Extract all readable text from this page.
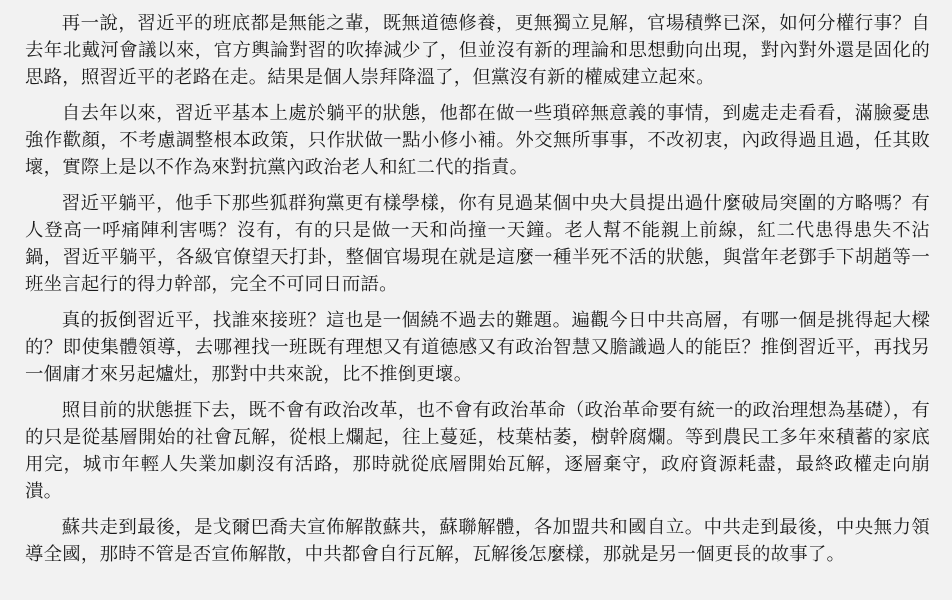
再一說，習近平的班底都是無能之輩，既無道德修養，更無獨立見解，官場積弊已深，如何分權行事？自去年北戴河會議以來，官方輿論對習的吹捧減少了，但並沒有新的理論和思想動向出現，對內對外還是固化的思路，照習近平的老路在走。結果是個人崇拜降溫了，但黨沒有新的權威建立起來。

自去年以來，習近平基本上處於躺平的狀態，他都在做一些瑣碎無意義的事情，到處走走看看，滿臉憂患強作歡顏，不考慮調整根本政策，只作狀做一點小修小補。外交無所事事，不改初衷，內政得過且過，任其敗壞，實際上是以不作為來對抗黨內政治老人和紅二代的指責。

習近平躺平，他手下那些狐群狗黨更有樣學樣，你有見過某個中央大員提出過什麼破局突圍的方略嗎？有人登高一呼痛陣利害嗎？沒有，有的只是做一天和尚撞一天鐘。老人幫不能親上前線，紅二代患得患失不沾鍋，習近平躺平，各級官僚望天打卦，整個官場現在就是這麼一種半死不活的狀態，與當年老鄧手下胡趙等一班坐言起行的得力幹部，完全不可同日而語。

真的扳倒習近平，找誰來接班？這也是一個繞不過去的難題。遍觀今日中共高層，有哪一個是挑得起大樑的？即使集體領導，去哪裡找一班既有理想又有道德感又有政治智慧又膽識過人的能臣？推倒習近平，再找另一個庸才來另起爐灶，那對中共來說，比不推倒更壞。

照目前的狀態捱下去，既不會有政治改革，也不會有政治革命（政治革命要有統一的政治理想為基礎），有的只是從基層開始的社會瓦解，從根上爛起，往上蔓延，枝葉枯萎，樹幹腐爛。等到農民工多年來積蓄的家底用完，城市年輕人失業加劇沒有活路，那時就從底層開始瓦解，逐層棄守，政府資源耗盡，最終政權走向崩潰。

蘇共走到最後，是戈爾巴喬夫宣佈解散蘇共，蘇聯解體，各加盟共和國自立。中共走到最後，中央無力領導全國，那時不管是否宣佈解散，中共都會自行瓦解，瓦解後怎麼樣，那就是另一個更長的故事了。
